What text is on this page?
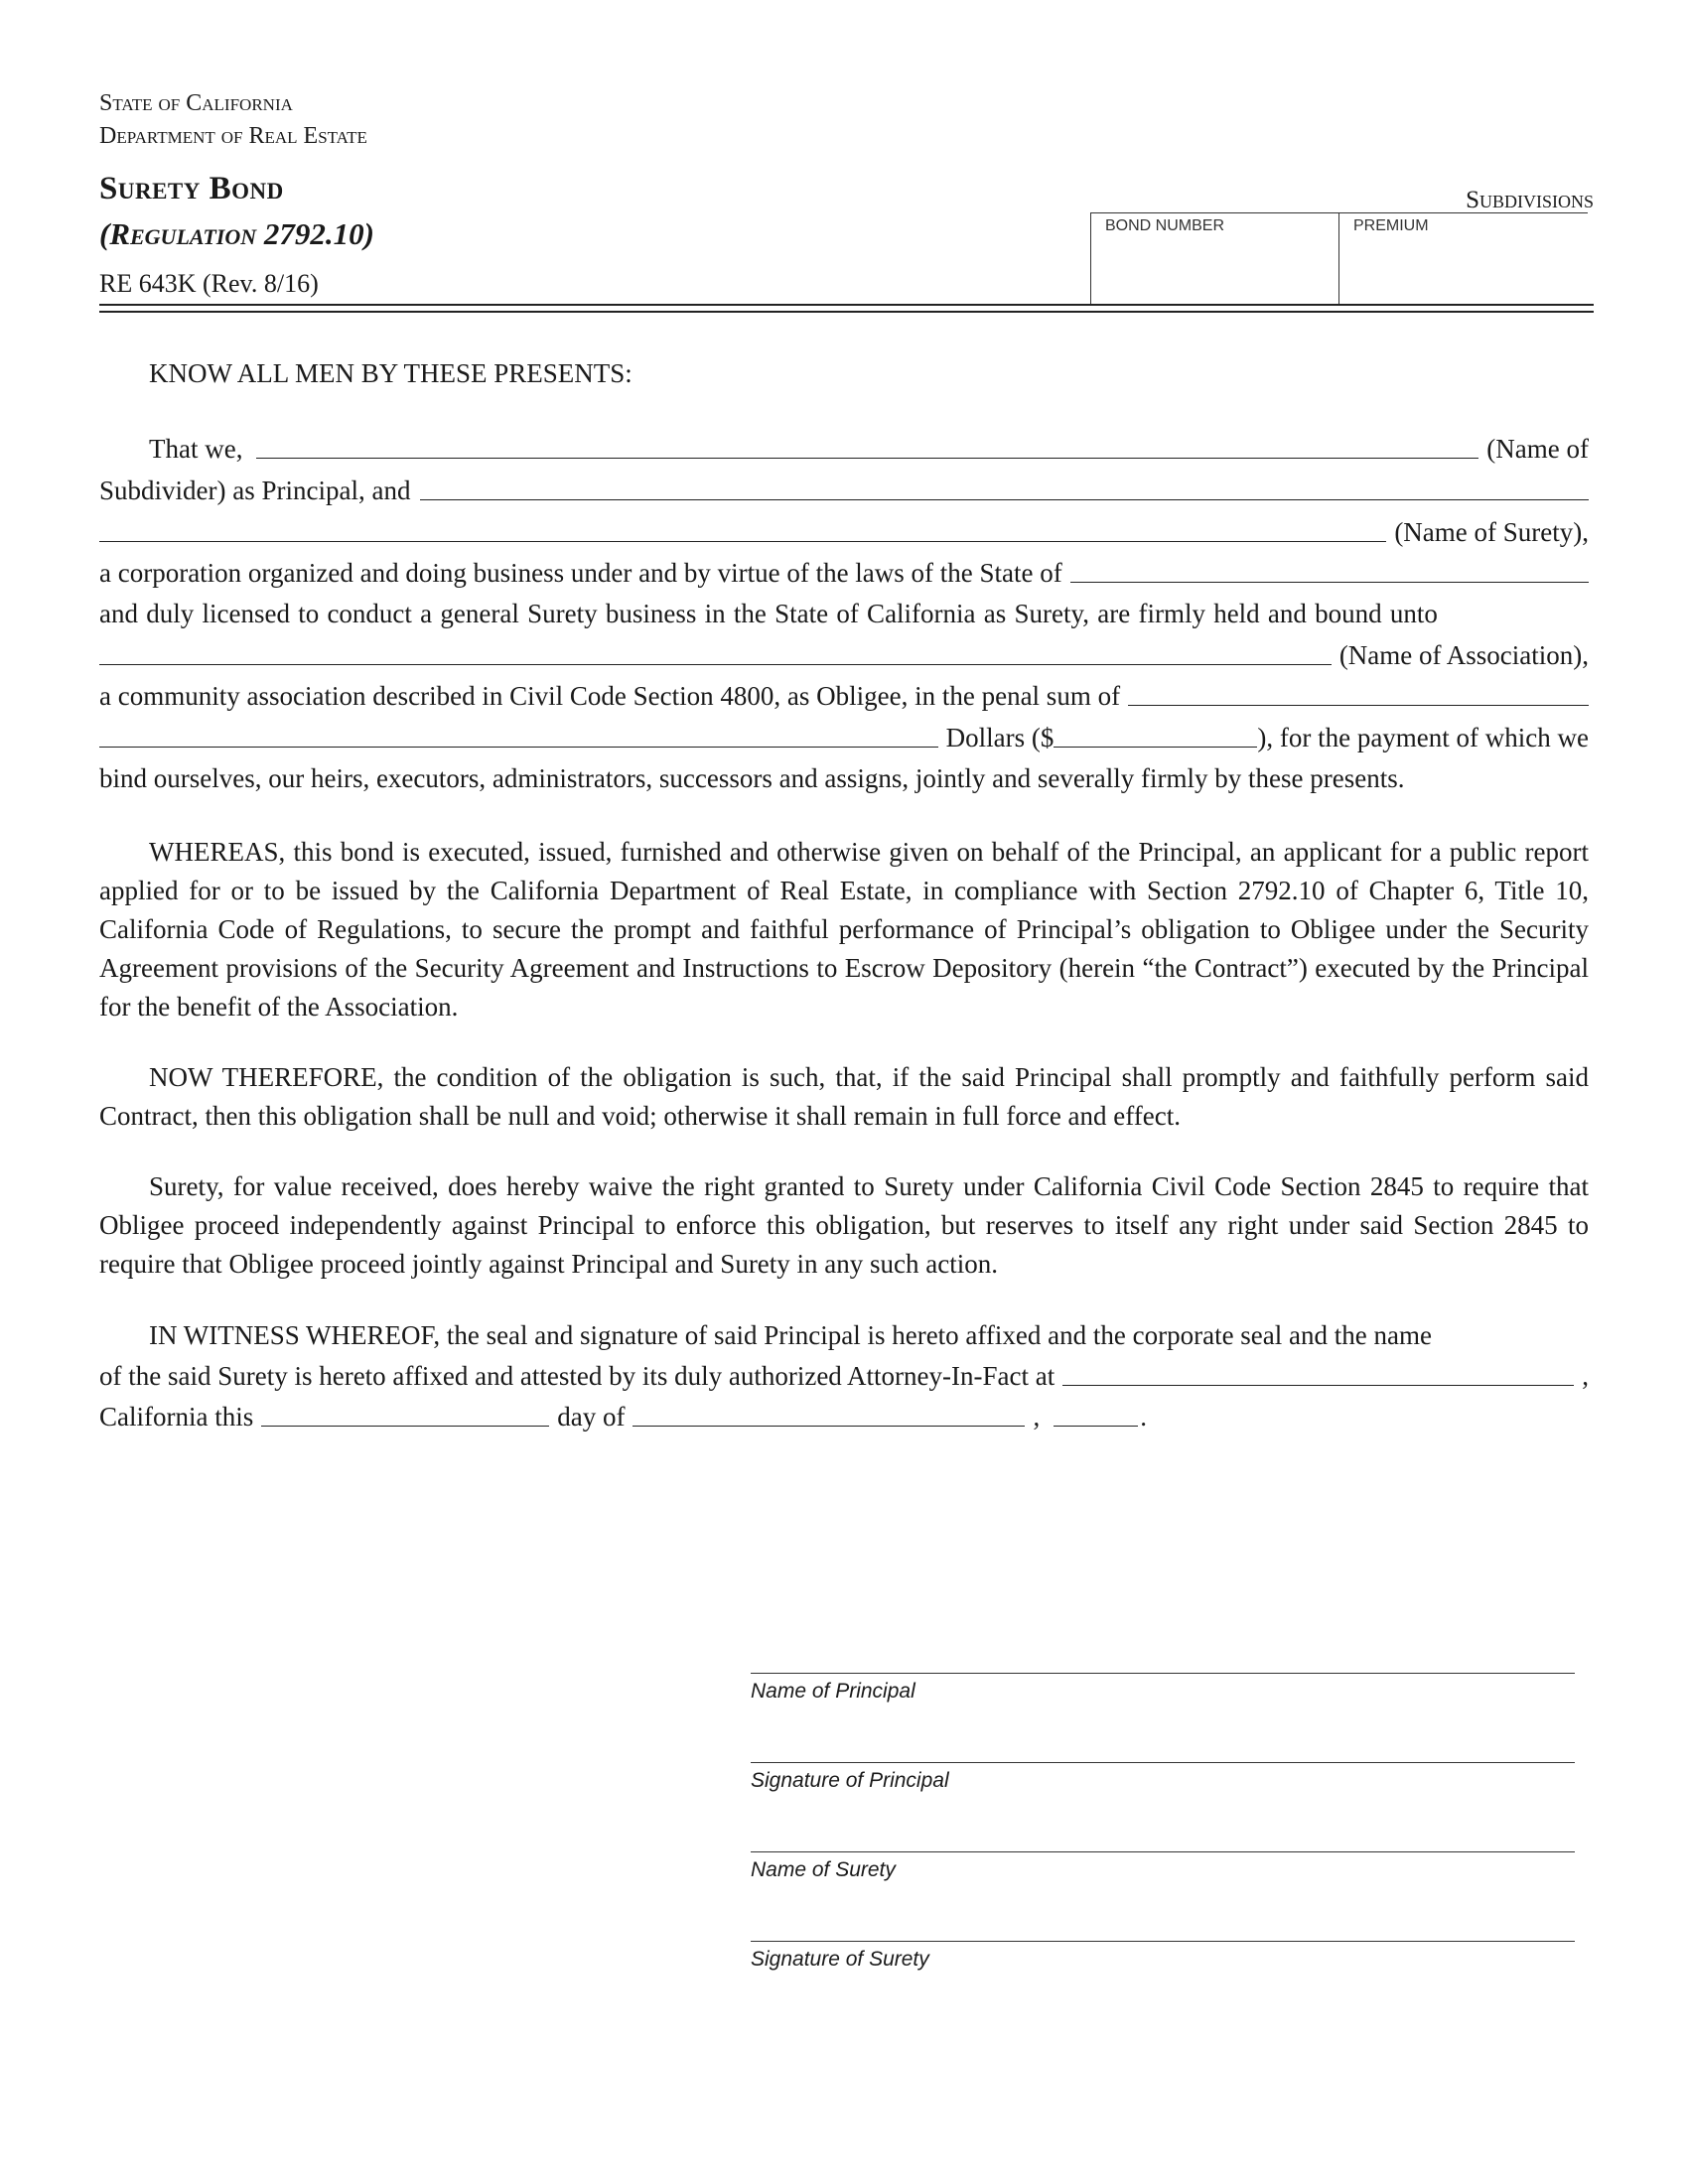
State of California
Department of Real Estate
Surety Bond
(Regulation 2792.10)
RE 643K (Rev. 8/16)
Subdivisions
BOND NUMBER	PREMIUM
KNOW ALL MEN BY THESE PRESENTS:
That we,	(Name of
Subdivider) as Principal, and
(Name of Surety),
a corporation organized and doing business under and by virtue of the laws of the State of
and duly licensed to conduct a general Surety business in the State of California as Surety, are firmly held and bound unto
(Name of Association),
a community association described in Civil Code Section 4800, as Obligee, in the penal sum of
Dollars ($	), for the payment of which we
bind ourselves, our heirs, executors, administrators, successors and assigns, jointly and severally firmly by these presents.
WHEREAS, this bond is executed, issued, furnished and otherwise given on behalf of the Principal, an applicant for a public report applied for or to be issued by the California Department of Real Estate, in compliance with Section 2792.10 of Chapter 6, Title 10, California Code of Regulations, to secure the prompt and faithful performance of Principal’s obligation to Obligee under the Security Agreement provisions of the Security Agreement and Instructions to Escrow Depository (herein “the Contract”) executed by the Principal for the benefit of the Association.
NOW THEREFORE, the condition of the obligation is such, that, if the said Principal shall promptly and faithfully perform said Contract, then this obligation shall be null and void; otherwise it shall remain in full force and effect.
Surety, for value received, does hereby waive the right granted to Surety under California Civil Code Section 2845 to require that Obligee proceed independently against Principal to enforce this obligation, but reserves to itself any right under said Section 2845 to require that Obligee proceed jointly against Principal and Surety in any such action.
IN WITNESS WHEREOF, the seal and signature of said Principal is hereto affixed and the corporate seal and the name
of the said Surety is hereto affixed and attested by its duly authorized Attorney-In-Fact at	,
California this	day of	,	.
Name of Principal
Signature of Principal
Name of Surety
Signature of Surety
